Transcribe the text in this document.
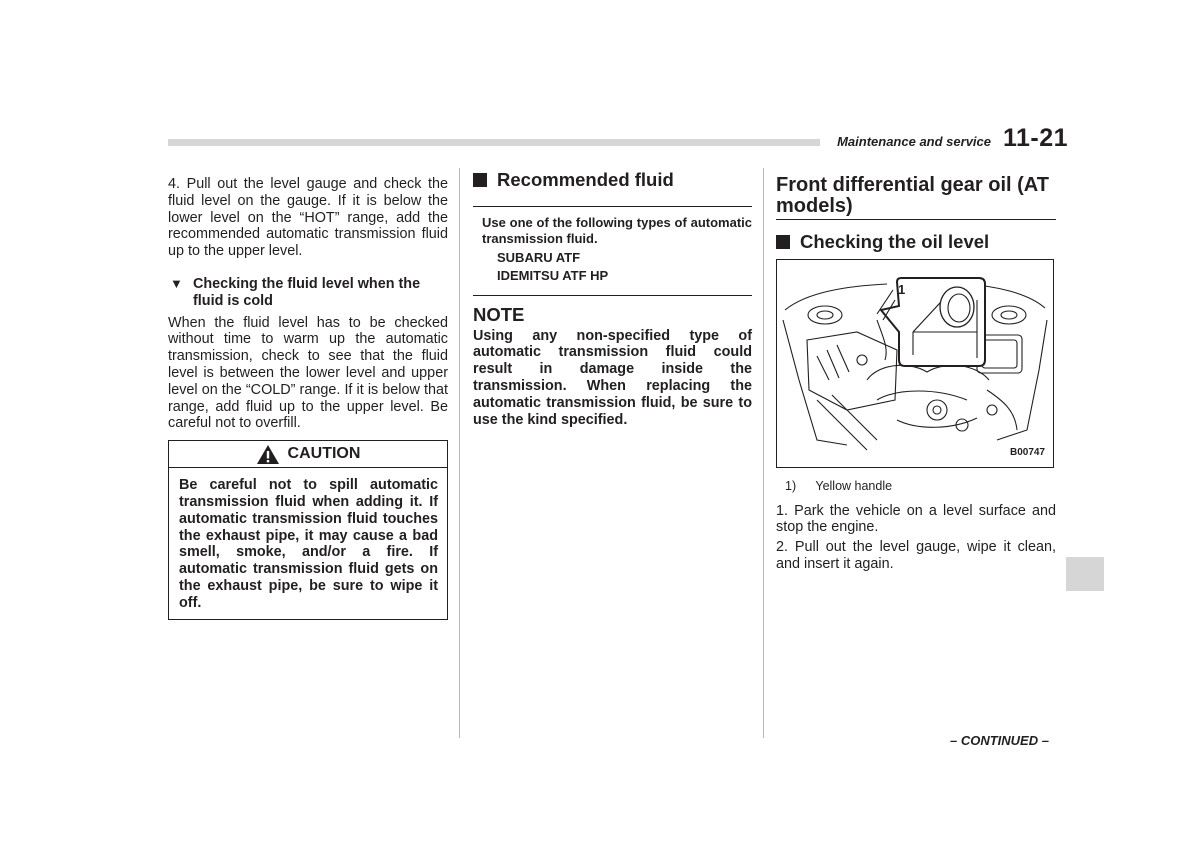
Maintenance and service 11-21

4. Pull out the level gauge and check the fluid level on the gauge. If it is below the lower level on the “HOT” range, add the recommended automatic transmission fluid up to the upper level.

▼ Checking the fluid level when the fluid is cold

When the fluid level has to be checked without time to warm up the automatic transmission, check to see that the fluid level is between the lower level and upper level on the “COLD” range. If it is below that range, add fluid up to the upper level. Be careful not to overfill.

CAUTION
Be careful not to spill automatic transmission fluid when adding it. If automatic transmission fluid touches the exhaust pipe, it may cause a bad smell, smoke, and/or a fire. If automatic transmission fluid gets on the exhaust pipe, be sure to wipe it off.
Recommended fluid
Use one of the following types of automatic transmission fluid.
SUBARU ATF
IDEMITSU ATF HP
NOTE

Using any non-specified type of automatic transmission fluid could result in damage inside the transmission. When replacing the automatic transmission fluid, be sure to use the kind specified.

Front differential gear oil (AT models)
Checking the oil level
1
B00747
1) Yellow handle

1. Park the vehicle on a level surface and stop the engine.

2. Pull out the level gauge, wipe it clean, and insert it again.

– CONTINUED –
